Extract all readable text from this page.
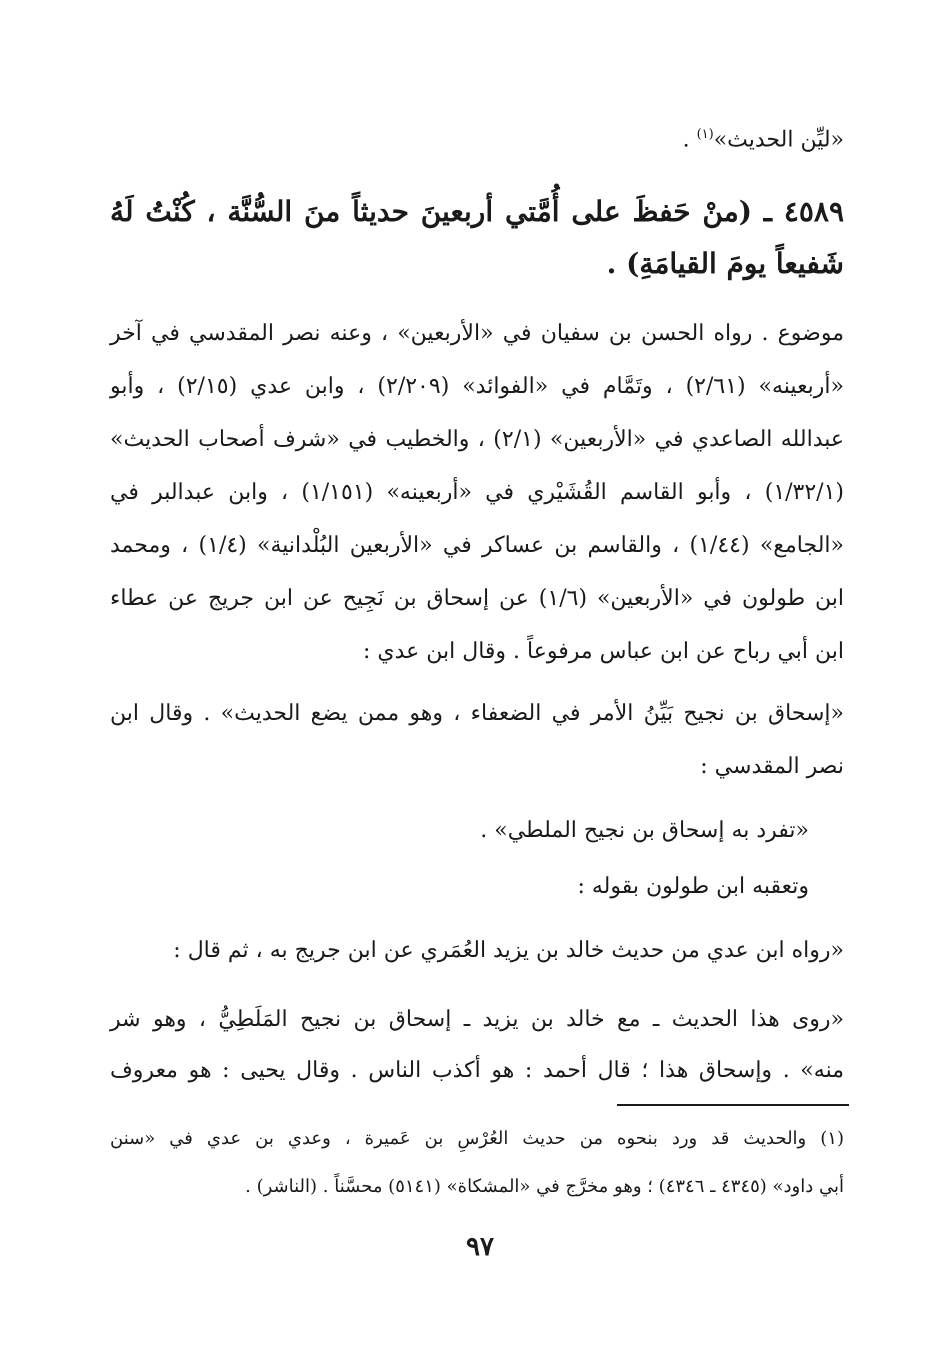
«ليِّن الحديث»$^{(١)}$ .
٤٥٨٩ ـ (منْ حَفظَ على أُمَّتي أربعينَ حديثاً منَ السُّنَّة ، كُنْتُ لَهُ
شَفيعاً يومَ القيامَةِ) .
موضوع . رواه الحسن بن سفيان في «الأربعين» ، وعنه نصر المقدسي في آخر
«أربعينه» (٢/٦١) ، وتَمَّام في «الفوائد» (٢/٢٠٩) ، وابن عدي (٢/١٥) ، وأبو
عبدالله الصاعدي في «الأربعين» (٢/١) ، والخطيب في «شرف أصحاب الحديث»
(١/٣٢/١) ، وأبو القاسم القُشَيْري في «أربعينه» (١/١٥١) ، وابن عبدالبر في
«الجامع» (١/٤٤) ، والقاسم بن عساكر في «الأربعين البُلْدانية» (١/٤) ، ومحمد
ابن طولون في «الأربعين» (١/٦) عن إسحاق بن نَجِيح عن ابن جريج عن عطاء
ابن أبي رباح عن ابن عباس مرفوعاً . وقال ابن عدي :
«إسحاق بن نجيح بَيِّنُ الأمر في الضعفاء ، وهو ممن يضع الحديث» . وقال ابن
نصر المقدسي :
«تفرد به إسحاق بن نجيح الملطي» .
وتعقبه ابن طولون بقوله :
«رواه ابن عدي من حديث خالد بن يزيد العُمَري عن ابن جريج به ، ثم قال :
«روى هذا الحديث ـ مع خالد بن يزيد ـ إسحاق بن نجيح المَلَطِيُّ ، وهو شر
منه» . وإسحاق هذا ؛ قال أحمد : هو أكذب الناس . وقال يحيى : هو معروف
(١) والحديث قد ورد بنحوه من حديث العُرْسِ بن عَميرة ، وعدي بن عدي في «سنن
أبي داود» (٤٣٤٥ ـ ٤٣٤٦) ؛ وهو مخرَّج في «المشكاة» (٥١٤١) محسَّناً . (الناشر) .
٩٧
